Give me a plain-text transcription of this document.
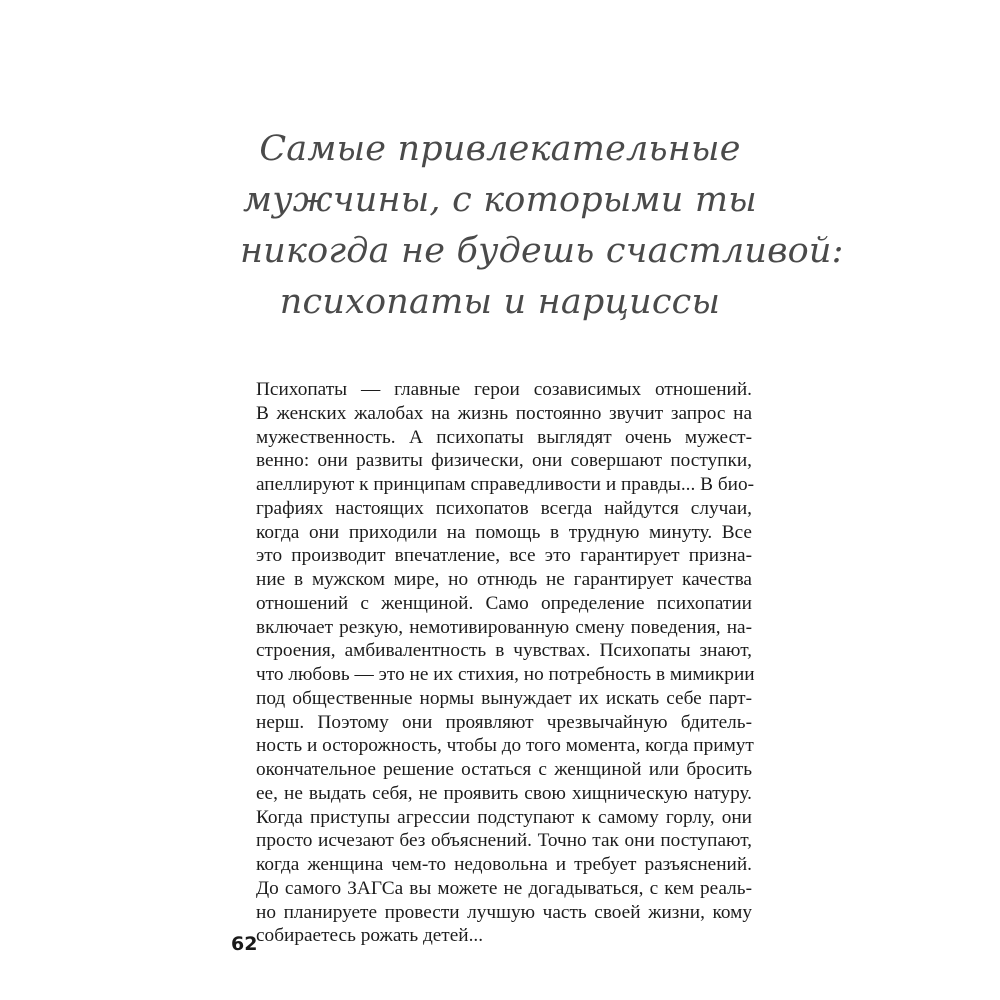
Самые привлекательные
мужчины, с которыми ты
никогда не будешь счастливой:
психопаты и нарциссы
Психопаты — главные герои созависимых отношений.
В женских жалобах на жизнь постоянно звучит запрос на
мужественность. А психопаты выглядят очень мужест-
венно: они развиты физически, они совершают поступки,
апеллируют к принципам справедливости и правды... В био-
графиях настоящих психопатов всегда найдутся случаи,
когда они приходили на помощь в трудную минуту. Все
это производит впечатление, все это гарантирует призна-
ние в мужском мире, но отнюдь не гарантирует качества
отношений с женщиной. Само определение психопатии
включает резкую, немотивированную смену поведения, на-
строения, амбивалентность в чувствах. Психопаты знают,
что любовь — это не их стихия, но потребность в мимикрии
под общественные нормы вынуждает их искать себе парт-
нерш. Поэтому они проявляют чрезвычайную бдитель-
ность и осторожность, чтобы до того момента, когда примут
окончательное решение остаться с женщиной или бросить
ее, не выдать себя, не проявить свою хищническую натуру.
Когда приступы агрессии подступают к самому горлу, они
просто исчезают без объяснений. Точно так они поступают,
когда женщина чем-то недовольна и требует разъяснений.
До самого ЗАГСа вы можете не догадываться, с кем реаль-
но планируете провести лучшую часть своей жизни, кому
собираетесь рожать детей...
62
